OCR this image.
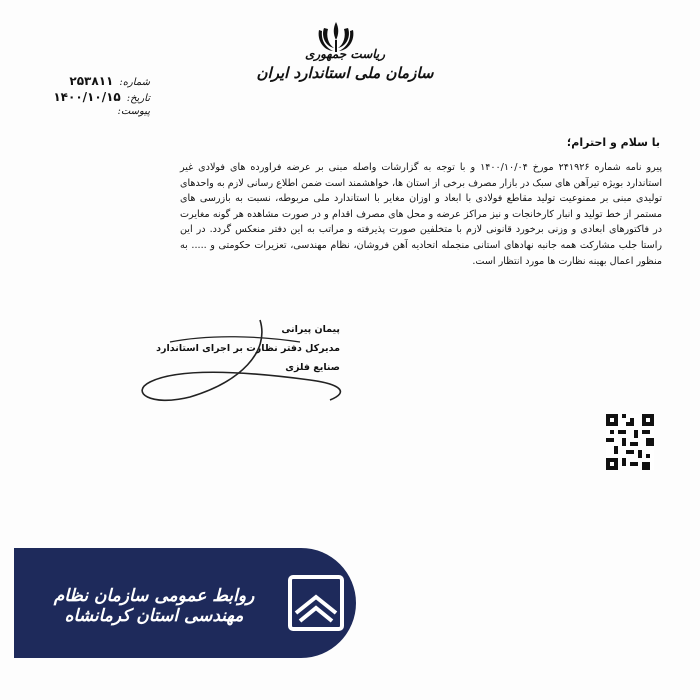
ریاست جمهوری
سازمان ملی استاندارد ایران
شماره:
۲۵۳۸۱۱
تاریخ:
۱۴۰۰/۱۰/۱۵
پیوست:
با سلام و احترام؛

پیرو نامه شماره ۲۴۱۹۲۶ مورخ ۱۴۰۰/۱۰/۰۴ و با توجه به گزارشات واصله مبنی بر عرضه فراورده های فولادی غیر استاندارد بویژه تیرآهن های سبک در بازار مصرف برخی از استان ها، خواهشمند است ضمن اطلاع رسانی لازم به واحدهای تولیدی مبنی بر ممنوعیت تولید مقاطع فولادی با ابعاد و اوزان مغایر با استاندارد ملی مربوطه، نسبت به بازرسی های مستمر از خط تولید و انبار کارخانجات و نیز مراکز عرضه و محل های مصرف اقدام و در صورت مشاهده هر گونه مغایرت در فاکتورهای ابعادی و وزنی برخورد قانونی لازم با متخلفین صورت پذیرفته و مراتب به این دفتر منعکس گردد. در این راستا جلب مشارکت همه جانبه نهادهای استانی منجمله اتحادیه آهن فروشان، نظام مهندسی، تعزیرات حکومتی و ..... به منظور اعمال بهینه نظارت ها مورد انتظار است.

پیمان پیرانی
مدیرکل دفتر نظارت بر اجرای استاندارد
صنایع فلزی
روابط عمومی سازمان نظام مهندسی استان کرمانشاه
